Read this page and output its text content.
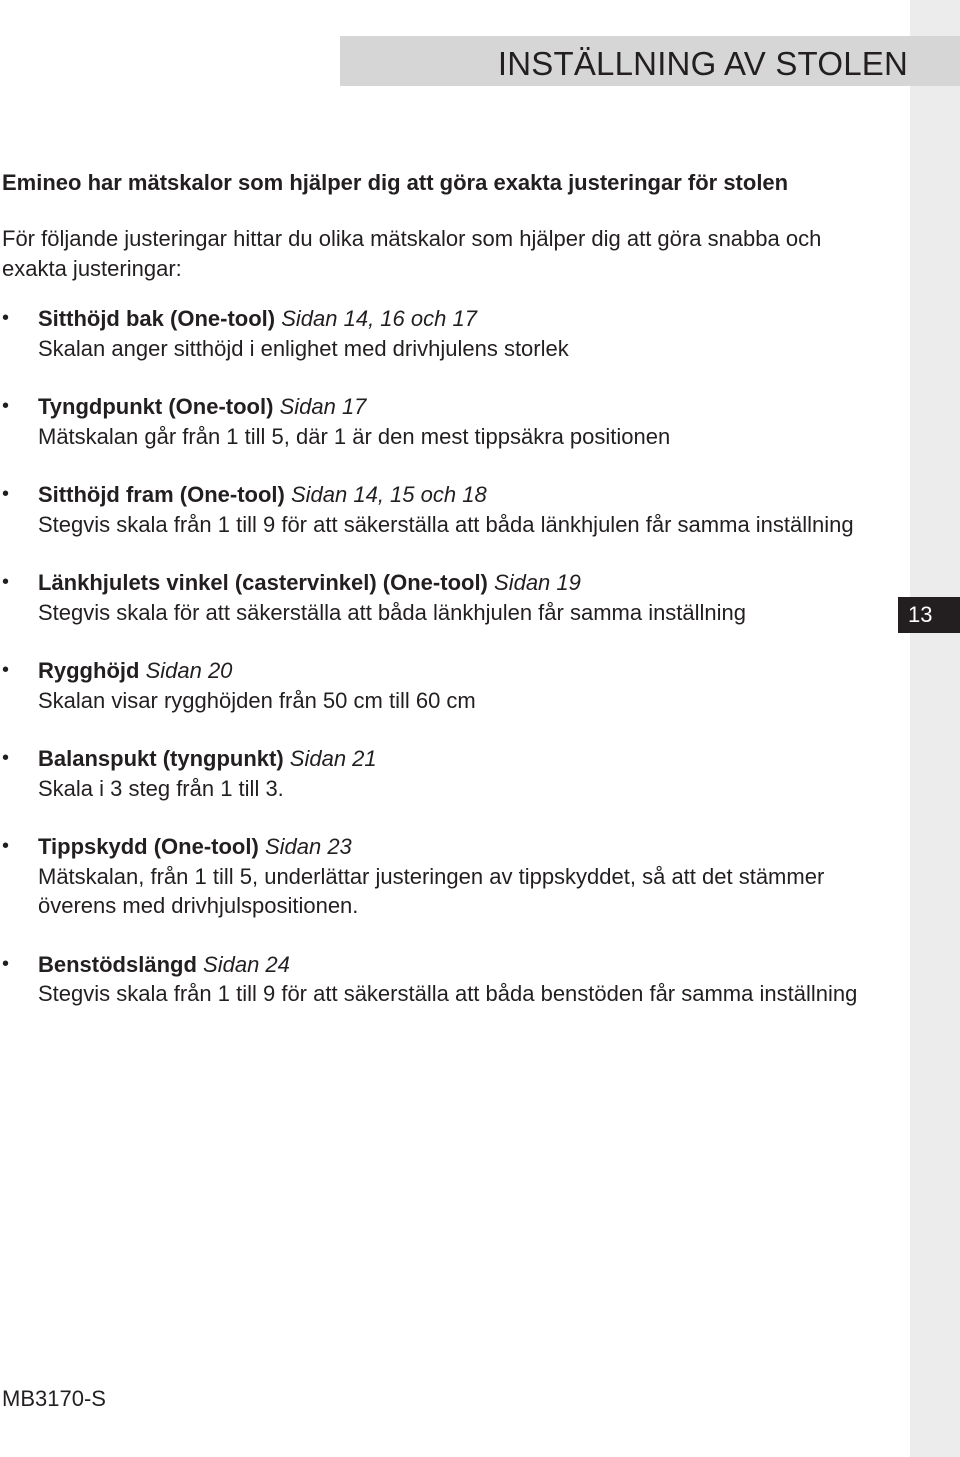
INSTÄLLNING AV STOLEN
13

Emineo har mätskalor som hjälper dig att göra exakta justeringar för stolen

För följande justeringar hittar du olika mätskalor som hjälper dig att göra snabba och exakta justeringar:

• Sitthöjd bak (One-tool) Sidan 14, 16 och 17
Skalan anger sitthöjd i enlighet med drivhjulens storlek
• Tyngdpunkt (One-tool) Sidan 17
Mätskalan går från 1 till 5, där 1 är den mest tippsäkra positionen
• Sitthöjd fram (One-tool) Sidan 14, 15 och 18
Stegvis skala från 1 till 9 för att säkerställa att båda länkhjulen får samma inställning
• Länkhjulets vinkel (castervinkel) (One-tool) Sidan 19
Stegvis skala för att säkerställa att båda länkhjulen får samma inställning
• Rygghöjd Sidan 20
Skalan visar rygghöjden från 50 cm till 60 cm
• Balanspukt (tyngpunkt) Sidan 21
Skala i 3 steg från 1 till 3.
• Tippskydd (One-tool) Sidan 23
Mätskalan, från 1 till 5, underlättar justeringen av tippskyddet, så att det stämmer överens med drivhjulspositionen.
• Benstödslängd Sidan 24
Stegvis skala från 1 till 9 för att säkerställa att båda benstöden får samma inställning
MB3170-S
